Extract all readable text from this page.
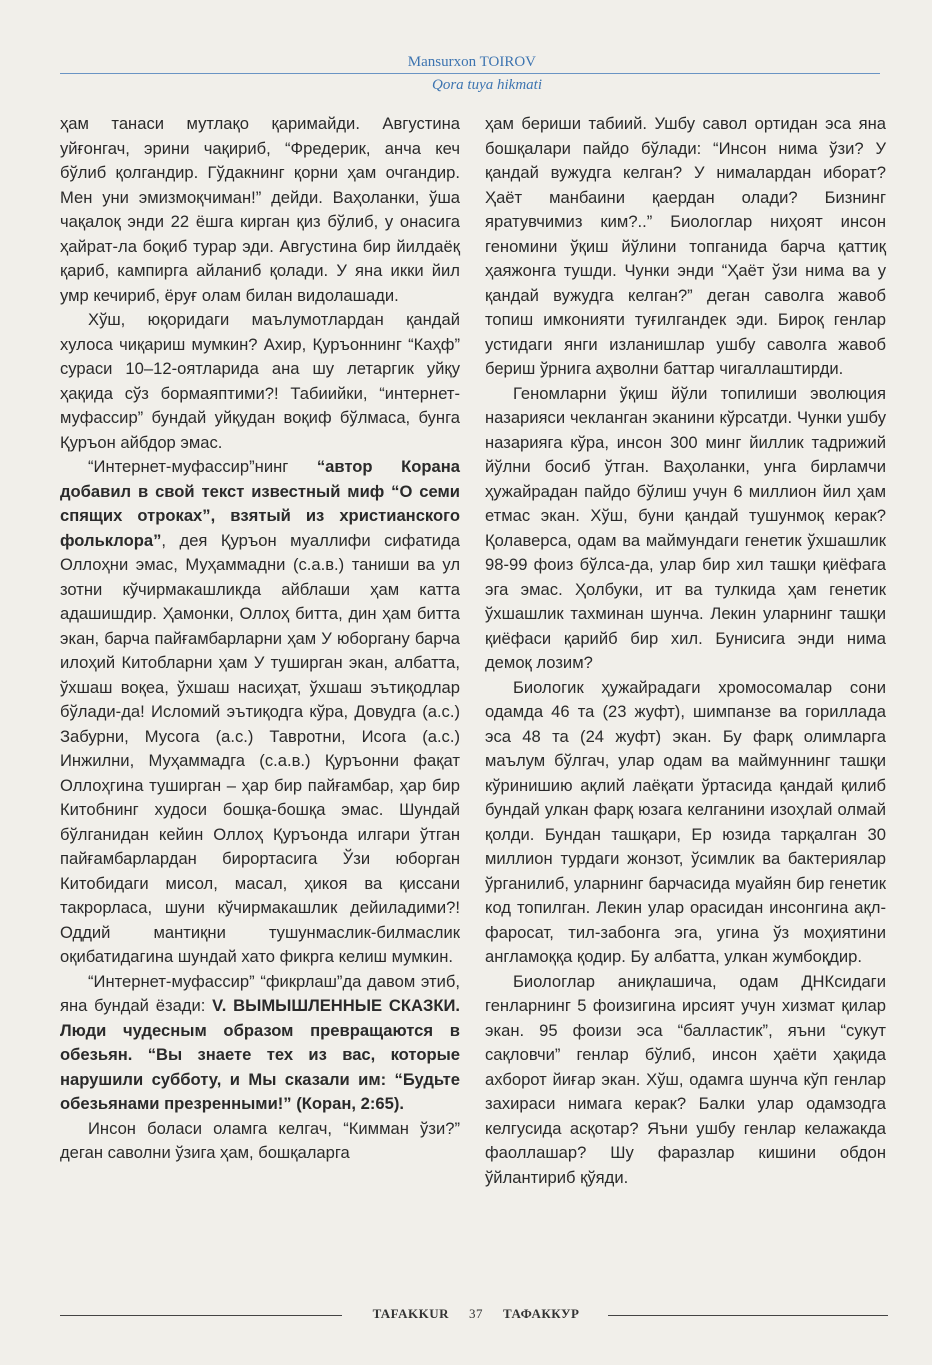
Mansurxon TOIROV
Qora tuya hikmati

ҳам танаси мутлақо қаримайди. Августина уйғонгач, эрини чақириб, “Фредерик, анча кеч бўлиб қолгандир. Гўдакнинг қорни ҳам очгандир. Мен уни эмизмоқчиман!” дейди. Ваҳоланки, ўша чақалоқ энди 22 ёшга кирган қиз бўлиб, у онасига ҳайрат-ла боқиб турар эди. Августина бир йилдаёқ қариб, кампирга айланиб қолади. У яна икки йил умр кечириб, ёруғ олам билан видолашади.

Хўш, юқоридаги маълумотлардан қандай хулоса чиқариш мумкин? Ахир, Қуръоннинг “Каҳф” сураси 10–12-оятларида ана шу летаргик уйқу ҳақида сўз бормаяптими?! Табиийки, “интернет-муфассир” бундай уйқудан воқиф бўлмаса, бунга Қуръон айбдор эмас.

“Интернет-муфассир”нинг “автор Корана добавил в свой текст известный миф “О семи спящих отроках”, взятый из христианского фольклора”, дея Қуръон муаллифи сифатида Оллоҳни эмас, Муҳаммадни (с.а.в.) таниши ва ул зотни кўчирмакашликда айблаши ҳам катта адашишдир. Ҳамонки, Оллоҳ битта, дин ҳам битта экан, барча пайғамбарларни ҳам У юборгану барча илоҳий Китобларни ҳам У туширган экан, албатта, ўхшаш воқеа, ўхшаш насиҳат, ўхшаш эътиқодлар бўлади-да! Исломий эътиқодга кўра, Довудга (а.с.) Забурни, Мусога (а.с.) Тавротни, Исога (а.с.) Инжилни, Муҳаммадга (с.а.в.) Қуръонни фақат Оллоҳгина туширган – ҳар бир пайғамбар, ҳар бир Китобнинг худоси бошқа-бошқа эмас. Шундай бўлганидан кейин Оллоҳ Қуръонда илгари ўтган пайғамбарлардан бирортасига Ўзи юборган Китобидаги мисол, масал, ҳикоя ва қиссани такрорласа, шуни кўчирмакашлик дейиладими?! Оддий мантиқни тушунмаслик-билмаслик оқибатидагина шундай хато фикрга келиш мумкин.

“Интернет-муфассир” “фикрлаш”да давом этиб, яна бундай ёзади: V. ВЫМЫШЛЕННЫЕ СКАЗКИ. Люди чудесным образом превращаются в обезьян. “Вы знаете тех из вас, которые нарушили субботу, и Мы сказали им: “Будьте обезьянами презренными!” (Коран, 2:65).

Инсон боласи оламга келгач, “Кимман ўзи?” деган саволни ўзига ҳам, бошқаларга

ҳам бериши табиий. Ушбу савол ортидан эса яна бошқалари пайдо бўлади: “Инсон нима ўзи? У қандай вужудга келган? У нималардан иборат? Ҳаёт манбаини қаердан олади? Бизнинг яратувчимиз ким?..” Биологлар ниҳоят инсон геномини ўқиш йўлини топганида барча қаттиқ ҳаяжонга тушди. Чунки энди “Ҳаёт ўзи нима ва у қандай вужудга келган?” деган саволга жавоб топиш имконияти туғилгандек эди. Бироқ генлар устидаги янги изланишлар ушбу саволга жавоб бериш ўрнига аҳволни баттар чигаллаштирди.

Геномларни ўқиш йўли топилиши эволюция назарияси чекланган эканини кўрсатди. Чунки ушбу назарияга кўра, инсон 300 минг йиллик тадрижий йўлни босиб ўтган. Ваҳоланки, унга бирламчи ҳужайрадан пайдо бўлиш учун 6 миллион йил ҳам етмас экан. Хўш, буни қандай тушунмоқ керак? Қолаверса, одам ва маймундаги генетик ўхшашлик 98-99 фоиз бўлса-да, улар бир хил ташқи қиёфага эга эмас. Ҳолбуки, ит ва тулкида ҳам генетик ўхшашлик тахминан шунча. Лекин уларнинг ташқи қиёфаси қарийб бир хил. Бунисига энди нима демоқ лозим?

Биологик ҳужайрадаги хромосомалар сони одамда 46 та (23 жуфт), шимпанзе ва гориллада эса 48 та (24 жуфт) экан. Бу фарқ олимларга маълум бўлгач, улар одам ва маймуннинг ташқи кўринишию ақлий лаёқати ўртасида қандай қилиб бундай улкан фарқ юзага келганини изоҳлай олмай қолди. Бундан ташқари, Ер юзида тарқалган 30 миллион турдаги жонзот, ўсимлик ва бактериялар ўрганилиб, уларнинг барчасида муайян бир генетик код топилган. Лекин улар орасидан инсонгина ақл-фаросат, тил-забонга эга, угина ўз моҳиятини англамоққа қодир. Бу албатта, улкан жумбоқдир.

Биологлар аниқлашича, одам ДНКсидаги генларнинг 5 фоизигина ирсият учун хизмат қилар экан. 95 фоизи эса “балластик”, яъни “сукут сақловчи” генлар бўлиб, инсон ҳаёти ҳақида ахборот йиғар экан. Хўш, одамга шунча кўп генлар захираси нимага керак? Балки улар одамзодга келгусида асқотар? Яъни ушбу генлар келажакда фаоллашар? Шу фаразлар кишини обдон ўйлантириб қўяди.

TAFAKKUR 37 ТАФАККУР
